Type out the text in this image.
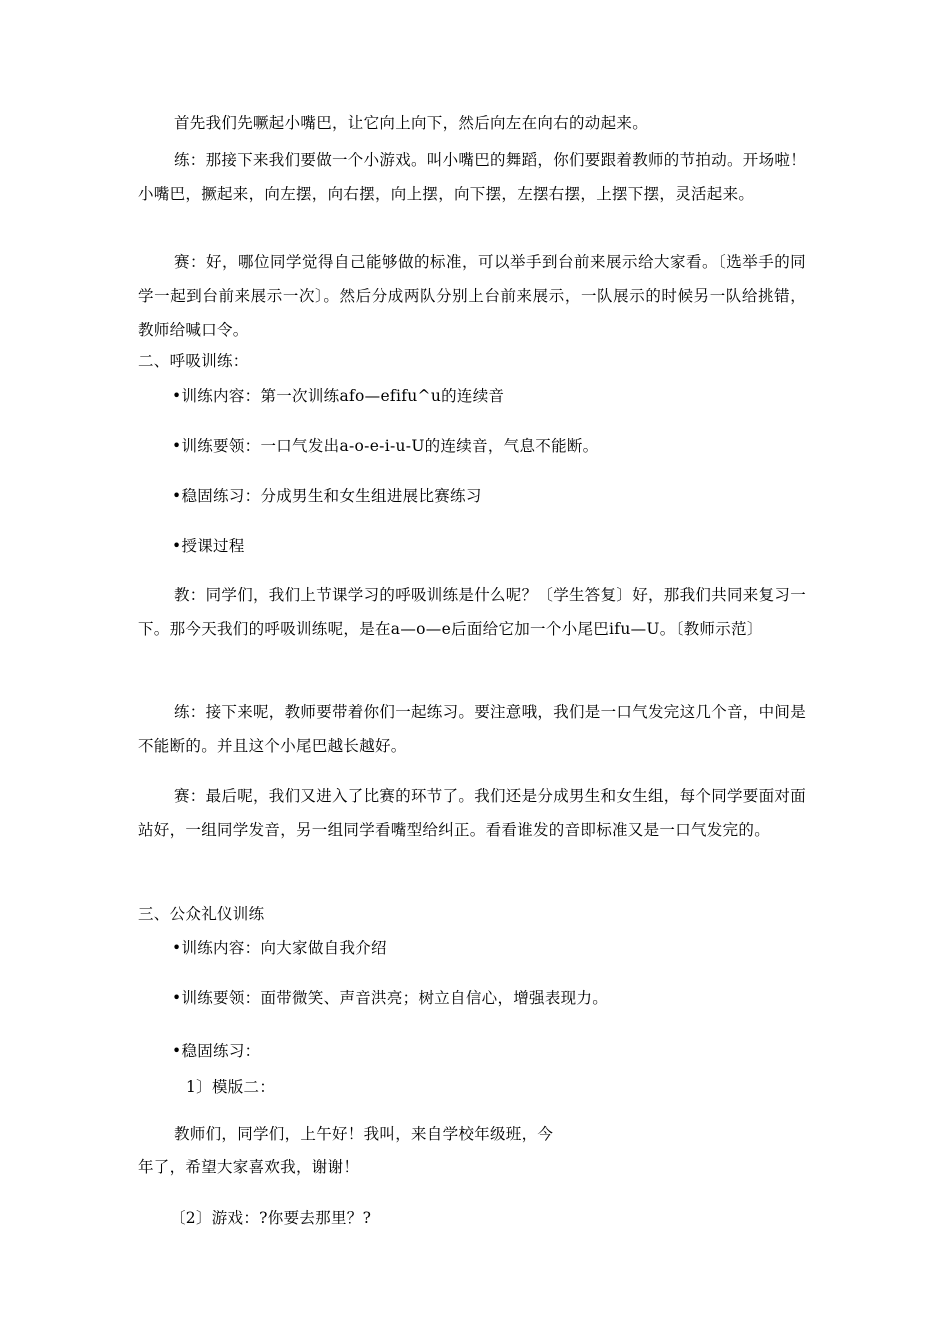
首先我们先噘起小嘴巴，让它向上向下，然后向左在向右的动起来。
练：那接下来我们要做一个小游戏。叫小嘴巴的舞蹈，你们要跟着教师的节拍动。开场啦！小嘴巴，撅起来，向左摆，向右摆，向上摆，向下摆，左摆右摆，上摆下摆，灵活起来。
赛：好，哪位同学觉得自己能够做的标准，可以举手到台前来展示给大家看。〔选举手的同学一起到台前来展示一次〕。然后分成两队分别上台前来展示，一队展示的时候另一队给挑错，教师给喊口令。
二、呼吸训练：
•训练内容：第一次训练afo—efifu^u的连续音
•训练要领：一口气发出a-o-e-i-u-U的连续音，气息不能断。
•稳固练习：分成男生和女生组进展比赛练习
•授课过程
教：同学们，我们上节课学习的呼吸训练是什么呢？〔学生答复〕好，那我们共同来复习一下。那今天我们的呼吸训练呢，是在a—o—e后面给它加一个小尾巴ifu—U。〔教师示范〕
练：接下来呢，教师要带着你们一起练习。要注意哦，我们是一口气发完这几个音，中间是不能断的。并且这个小尾巴越长越好。
赛：最后呢，我们又进入了比赛的环节了。我们还是分成男生和女生组，每个同学要面对面站好，一组同学发音，另一组同学看嘴型给纠正。看看谁发的音即标准又是一口气发完的。
三、公众礼仪训练
•训练内容：向大家做自我介绍
•训练要领：面带微笑、声音洪亮；树立自信心，增强表现力。
•稳固练习：
1〕模版二：
教师们，同学们，上午好！我叫，来自学校年级班，今
年了，希望大家喜欢我，谢谢！
〔2〕游戏：?你要去那里？?
